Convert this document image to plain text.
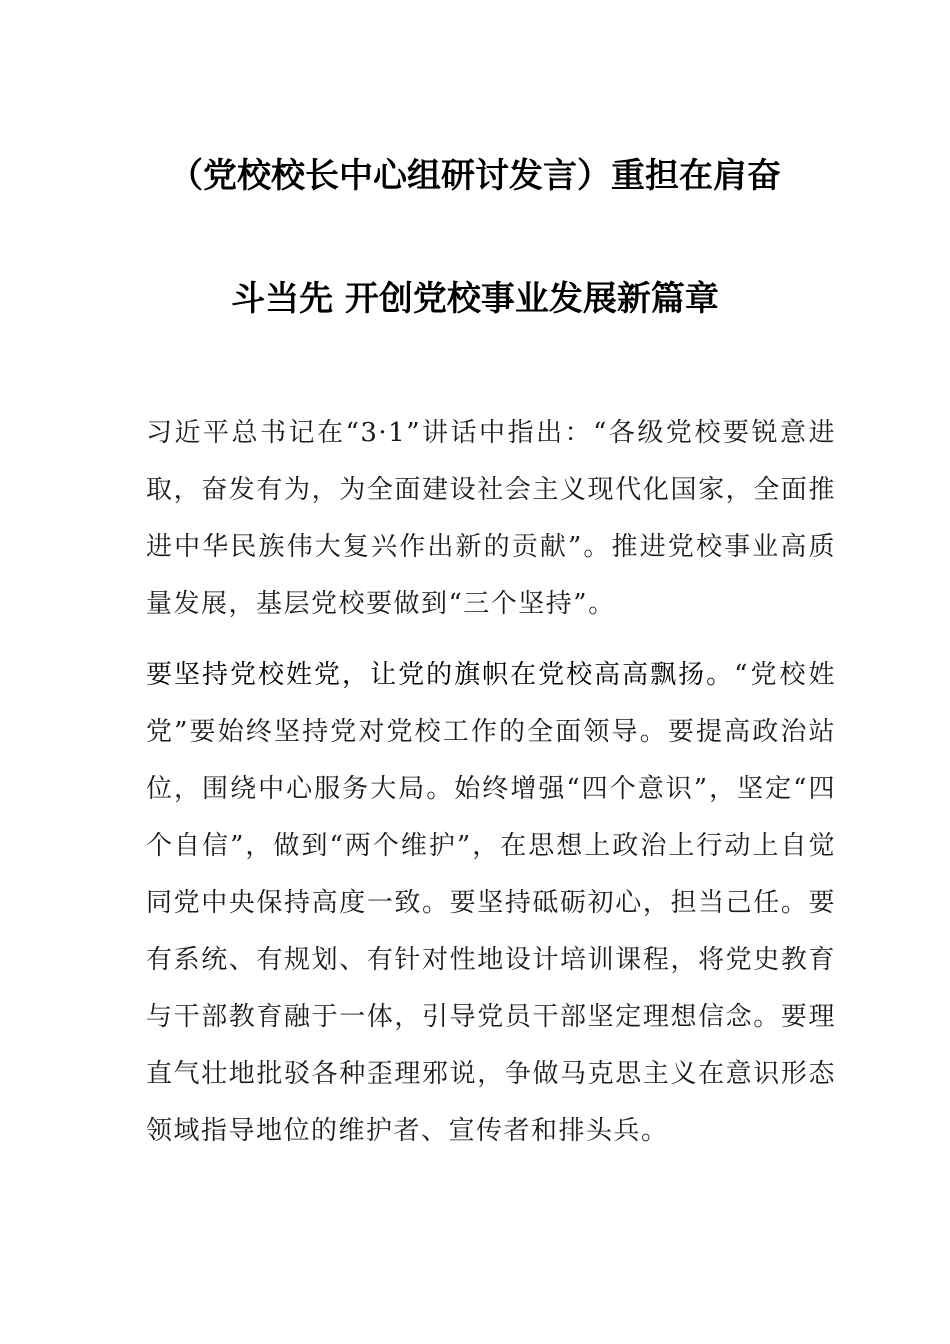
（党校校长中心组研讨发言）重担在肩奋
斗当先 开创党校事业发展新篇章

习近平总书记在“3·1”讲话中指出：“各级党校要锐意进取，奋发有为，为全面建设社会主义现代化国家，全面推进中华民族伟大复兴作出新的贡献”。推进党校事业高质量发展，基层党校要做到“三个坚持”。

要坚持党校姓党，让党的旗帜在党校高高飘扬。“党校姓党”要始终坚持党对党校工作的全面领导。要提高政治站位，围绕中心服务大局。始终增强“四个意识”，坚定“四个自信”，做到“两个维护”，在思想上政治上行动上自觉同党中央保持高度一致。要坚持砥砺初心，担当己任。要有系统、有规划、有针对性地设计培训课程，将党史教育与干部教育融于一体，引导党员干部坚定理想信念。要理直气壮地批驳各种歪理邪说，争做马克思主义在意识形态领域指导地位的维护者、宣传者和排头兵。
